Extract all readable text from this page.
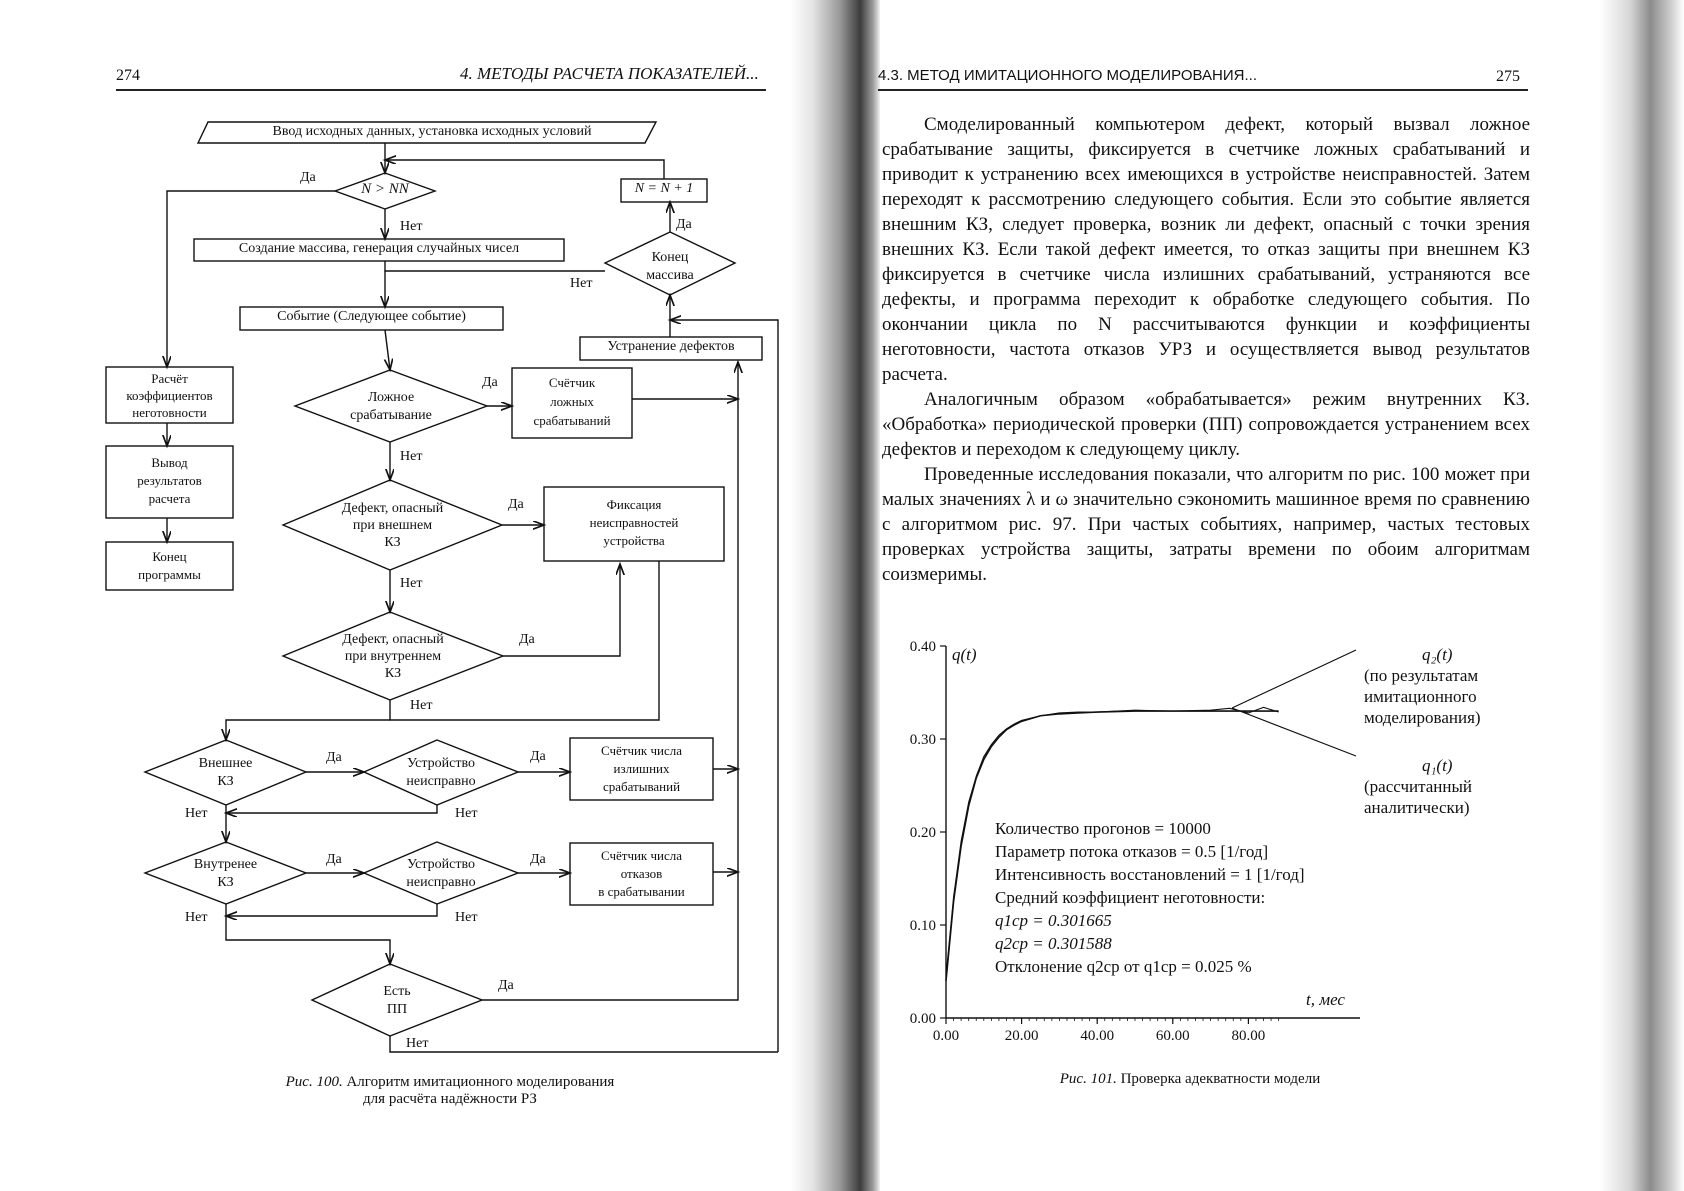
274	4. МЕТОДЫ РАСЧЕТА ПОКАЗАТЕЛЕЙ...
Ввод исходных данных, установка исходных условий
N > NN	N = N + 1
Создание массива, генерация случайных чисел
Конец
массива
Событие (Следующее событие)
Устранение дефектов
Расчёт
коэффициентов
неготовности
Вывод
результатов
расчета
Конец
программы
Ложное
срабатывание
Счётчик
ложных
срабатываний
Дефект, опасный
при внешнем
КЗ
Фиксация
неисправностей
устройства
Дефект, опасный
при внутреннем
КЗ
Внешнее
КЗ
Устройство
неисправно
Счётчик числа
излишних
срабатываний
Внутренее
КЗ
Устройство
неисправно
Счётчик числа
отказов
в срабатывании
Есть
ПП
Да
Нет	Да
Нет
Да
Нет
Да
Нет
Да
Нет
Да	Да
Нет	Нет
Да	Да
Нет	Нет
Да
Нет
Рис. 100. Алгоритм имитационного моделирования
для расчёта надёжности РЗ
4.3. МЕТОД ИМИТАЦИОННОГО МОДЕЛИРОВАНИЯ...	275

Смоделированный компьютером дефект, который вызвал ложное срабатывание защиты, фиксируется в счетчике ложных срабатываний и приводит к устранению всех имеющихся в устройстве неисправностей. Затем переходят к рассмотрению следующего события. Если это событие является внешним КЗ, следует проверка, возник ли дефект, опасный с точки зрения внешних КЗ. Если такой дефект имеется, то отказ защиты при внешнем КЗ фиксируется в счетчике числа излишних срабатываний, устраняются все дефекты, и программа переходит к обработке следующего события. По окончании цикла по N рассчитываются функции и коэффициенты неготовности, частота отказов УРЗ и осуществляется вывод результатов расчета.

Аналогичным образом «обрабатывается» режим внутренних КЗ. «Обработка» периодической проверки (ПП) сопровождается устранением всех дефектов и переходом к следующему циклу.

Проведенные исследования показали, что алгоритм по рис. 100 может при малых значениях λ и ω значительно сэкономить машинное время по сравнению с алгоритмом рис. 97. При частых событиях, например, частых тестовых проверках устройства защиты, затраты времени по обоим алгоритмам соизмеримы.

0.00
0.10
0.20
0.30
0.40
0.00	20.00	40.00	60.00	80.00
q(t)
t, мес
q₂(t)
(по результатам
имитационного
моделирования)
q₁(t)
(рассчитанный
аналитически)
Количество прогонов = 10000
Параметр потока отказов = 0.5 [1/год]
Интенсивность восстановлений = 1 [1/год]
Средний коэффициент неготовности:
q1ср = 0.301665
q2ср = 0.301588
Отклонение q2ср от q1ср = 0.025 %
Рис. 101. Проверка адекватности модели
